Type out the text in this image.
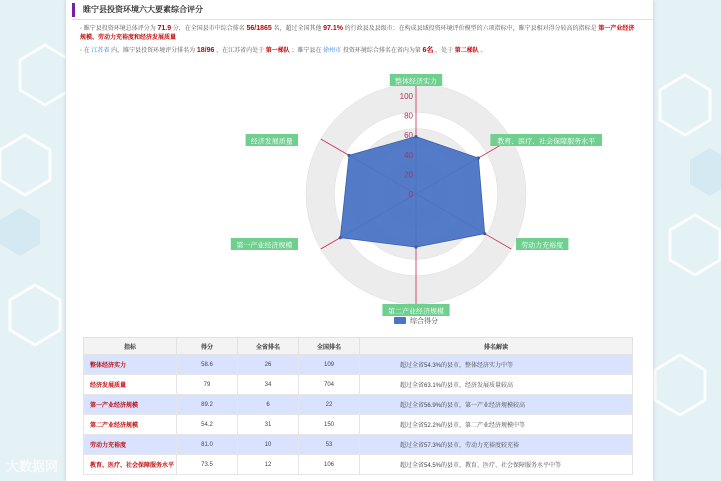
睢宁县投资环境六大要素综合评分
◦ 睢宁县投资环境总体评分为 71.9 分，在全国县市中综合排名 56/1865 名，超过全国其他 97.1% 的行政县及县级市；在构成县域投资环境评价模型的六项指标中，睢宁县相对得分较高的指标是 第一产业经济规模、劳动力充裕度和经济发展质量
◦ 在 江苏省 内，睢宁县投资环境评分排名为 18/96 ，在江苏省内处于 第一梯队 ；睢宁县在 徐州市 投资环境综合排名在省内为第 6名 ，处于 第二梯队 。
0
20
40
60
80
100
整体经济实力
教育、医疗、社会保障服务水平
劳动力充裕度
第二产业经济规模
第一产业经济规模
经济发展质量
综合得分
指标	得分	全省排名	全国排名	排名解读
整体经济实力	58.6	26	109	超过全省54.3%的县市，整体经济实力中等
经济发展质量	79	34	704	超过全省63.1%的县市，经济发展质量较高
第一产业经济规模	89.2	6	22	超过全省56.9%的县市，第一产业经济规模较高
第二产业经济规模	54.2	31	150	超过全省52.2%的县市，第二产业经济规模中等
劳动力充裕度	81.0	10	53	超过全省57.3%的县市，劳动力充裕度较充裕
教育、医疗、社会保障服务水平	73.5	12	106	超过全省54.5%的县市，教育、医疗、社会保障服务水平中等
大数据网
